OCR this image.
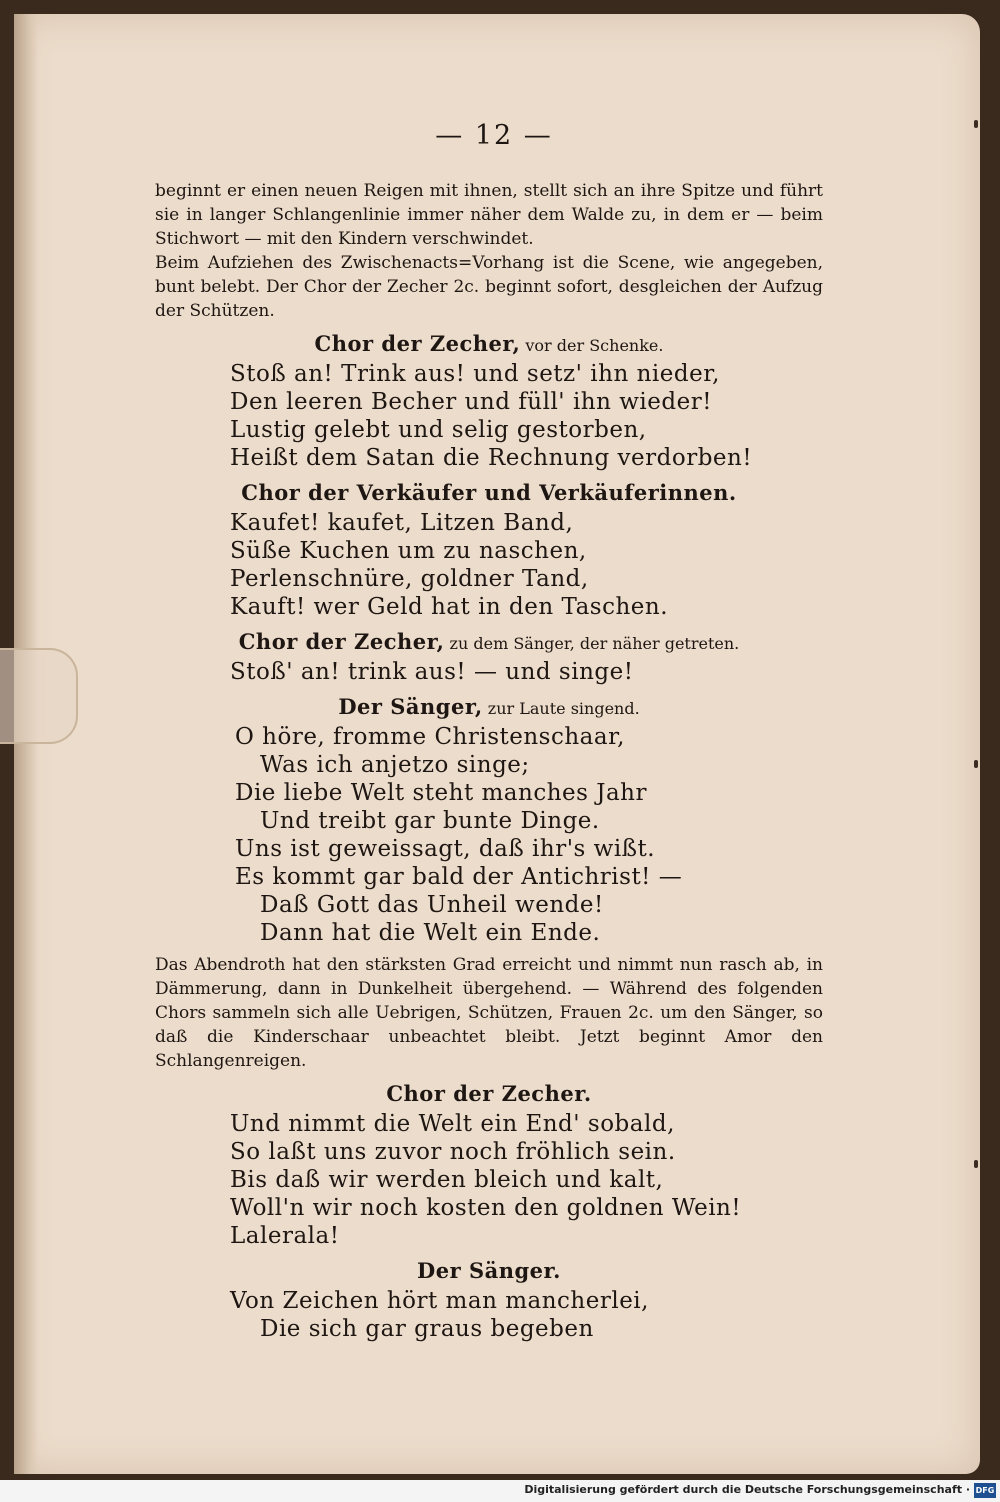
— 12 —

beginnt er einen neuen Reigen mit ihnen, stellt sich an ihre Spitze und führt sie in langer Schlangenlinie immer näher dem Walde zu, in dem er — beim Stichwort — mit den Kindern verschwindet.

Beim Aufziehen des Zwischenacts=Vorhang ist die Scene, wie angegeben, bunt belebt. Der Chor der Zecher 2c. beginnt sofort, desgleichen der Aufzug der Schützen.

Chor der Zecher, vor der Schenke.

Stoß an! Trink aus! und setz' ihn nieder,

Den leeren Becher und füll' ihn wieder!

Lustig gelebt und selig gestorben,

Heißt dem Satan die Rechnung verdorben!

Chor der Verkäufer und Verkäuferinnen.

Kaufet! kaufet, Litzen Band,

Süße Kuchen um zu naschen,

Perlenschnüre, goldner Tand,

Kauft! wer Geld hat in den Taschen.

Chor der Zecher, zu dem Sänger, der näher getreten.

Stoß' an! trink aus! — und singe!

Der Sänger, zur Laute singend.

O höre, fromme Christenschaar,

Was ich anjetzo singe;

Die liebe Welt steht manches Jahr

Und treibt gar bunte Dinge.

Uns ist geweissagt, daß ihr's wißt.

Es kommt gar bald der Antichrist! —

Daß Gott das Unheil wende!

Dann hat die Welt ein Ende.

Das Abendroth hat den stärksten Grad erreicht und nimmt nun rasch ab, in Dämmerung, dann in Dunkelheit übergehend. — Während des folgenden Chors sammeln sich alle Uebrigen, Schützen, Frauen 2c. um den Sänger, so daß die Kinderschaar unbeachtet bleibt. Jetzt beginnt Amor den Schlangenreigen.

Chor der Zecher.

Und nimmt die Welt ein End' sobald,

So laßt uns zuvor noch fröhlich sein.

Bis daß wir werden bleich und kalt,

Woll'n wir noch kosten den goldnen Wein! Lalerala!

Der Sänger.

Von Zeichen hört man mancherlei,

Die sich gar graus begeben

Digitalisierung gefördert durch die Deutsche Forschungsgemeinschaft · DFG
